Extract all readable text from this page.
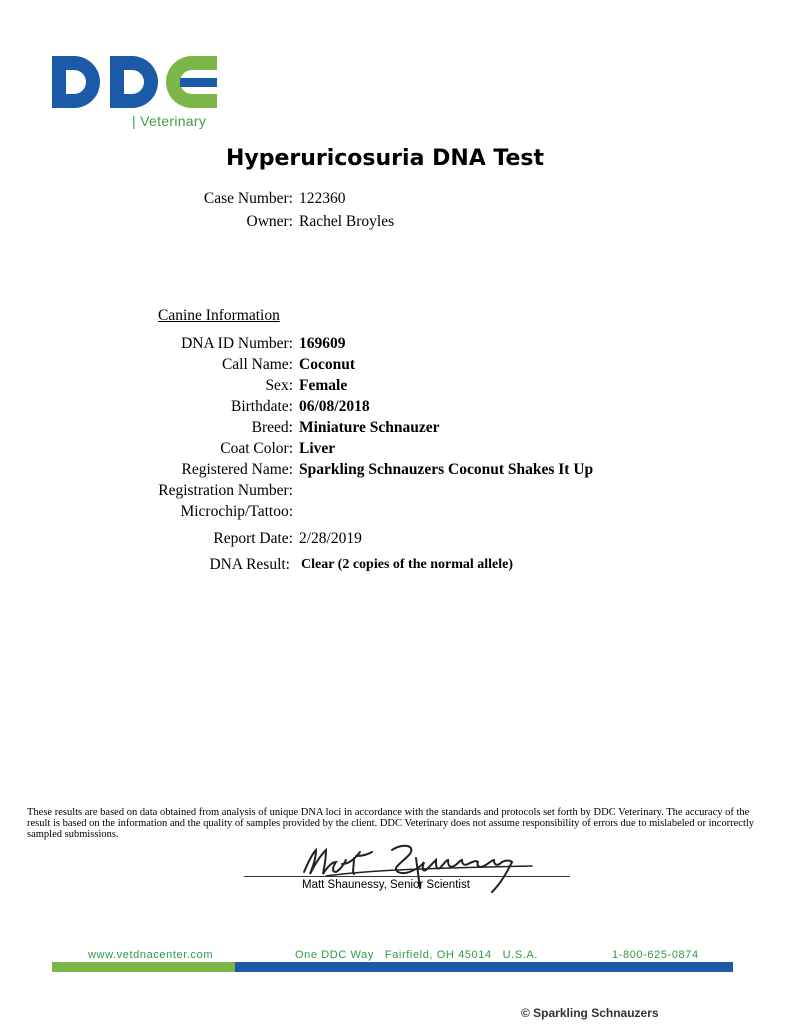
| Veterinary
Hyperuricosuria DNA Test
Case Number: 122360
Owner: Rachel Broyles
Canine Information
DNA ID Number: 169609
Call Name: Coconut
Sex: Female
Birthdate: 06/08/2018
Breed: Miniature Schnauzer
Coat Color: Liver
Registered Name: Sparkling Schnauzers Coconut Shakes It Up
Registration Number:
Microchip/Tattoo:
Report Date: 2/28/2019
DNA Result: Clear (2 copies of the normal allele)
These results are based on data obtained from analysis of unique DNA loci in accordance with the standards and protocols set forth by DDC Veterinary. The accuracy of the result is based on the information and the quality of samples provided by the client. DDC Veterinary does not assume responsibility of errors due to mislabeled or incorrectly sampled submissions.
Matt Shaunessy, Senior Scientist
www.vetdnacenter.com	One DDC Way   Fairfield, OH 45014   U.S.A.	1-800-625-0874
© Sparkling Schnauzers
